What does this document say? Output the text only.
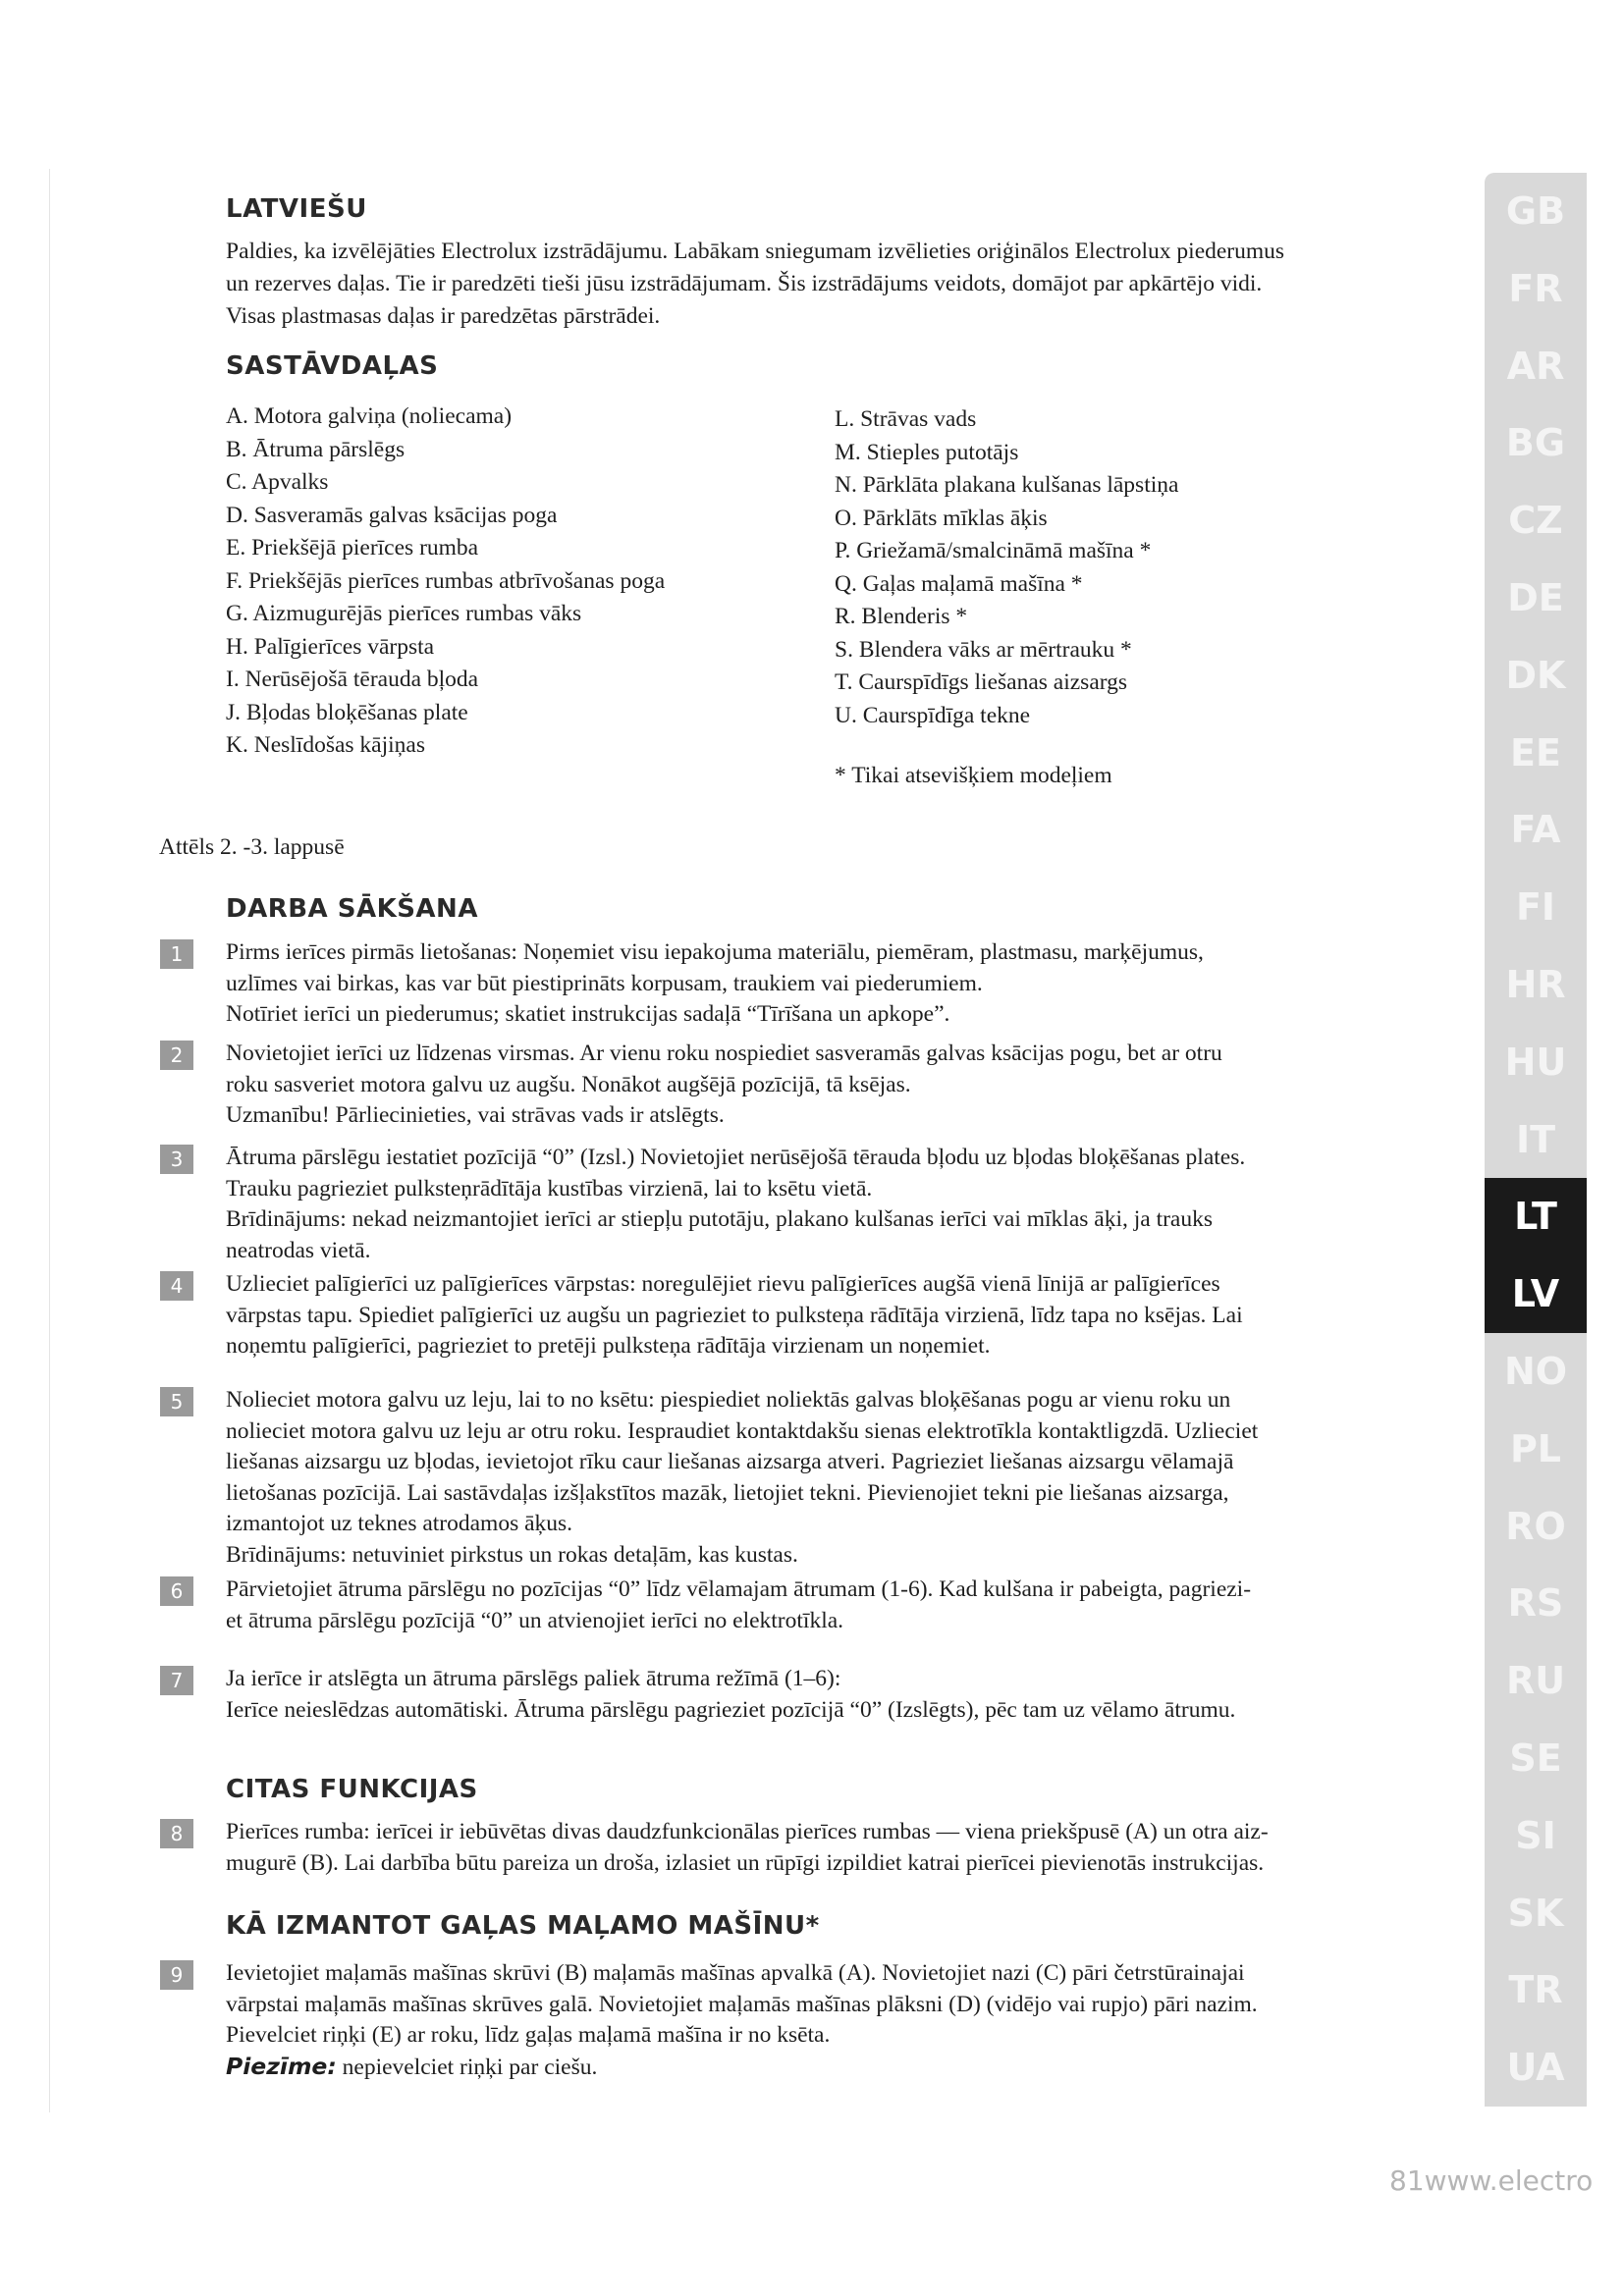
LATVIEŠU

Paldies, ka izvēlējāties Electrolux izstrādājumu. Labākam sniegumam izvēlieties oriģinālos Electrolux piederumus

un rezerves daļas. Tie ir paredzēti tieši jūsu izstrādājumam. Šis izstrādājums veidots, domājot par apkārtējo vidi.

Visas plastmasas daļas ir paredzētas pārstrādei.

SASTĀVDAĻAS
A. Motora galviņa (noliecama)
B. Ātruma pārslēgs
C. Apvalks
D. Sasveramās galvas ksācijas poga
E. Priekšējā pierīces rumba
F. Priekšējās pierīces rumbas atbrīvošanas poga
G. Aizmugurējās pierīces rumbas vāks
H. Palīgierīces vārpsta
I. Nerūsējošā tērauda bļoda
J. Bļodas bloķēšanas plate
K. Neslīdošas kājiņas
L. Strāvas vads
M. Stieples putotājs
N. Pārklāta plakana kulšanas lāpstiņa
O. Pārklāts mīklas āķis
P. Griežamā/smalcināmā mašīna *
Q. Gaļas maļamā mašīna *
R. Blenderis *
S. Blendera vāks ar mērtrauku *
T. Caurspīdīgs liešanas aizsargs
U. Caurspīdīga tekne
* Tikai atsevišķiem modeļiem
Attēls 2. -3. lappusē
DARBA SĀKŠANA
1	Pirms ierīces pirmās lietošanas: Noņemiet visu iepakojuma materiālu, piemēram, plastmasu, marķējumus,

uzlīmes vai birkas, kas var būt piestiprināts korpusam, traukiem vai piederumiem.

Notīriet ierīci un piederumus; skatiet instrukcijas sadaļā “Tīrīšana un apkope”.

2	Novietojiet ierīci uz līdzenas virsmas. Ar vienu roku nospiediet sasveramās galvas ksācijas pogu, bet ar otru

roku sasveriet motora galvu uz augšu. Nonākot augšējā pozīcijā, tā ksējas.

Uzmanību! Pārliecinieties, vai strāvas vads ir atslēgts.

3	Ātruma pārslēgu iestatiet pozīcijā “0” (Izsl.) Novietojiet nerūsējošā tērauda bļodu uz bļodas bloķēšanas plates.

Trauku pagrieziet pulksteņrādītāja kustības virzienā, lai to ksētu vietā.

Brīdinājums: nekad neizmantojiet ierīci ar stiepļu putotāju, plakano kulšanas ierīci vai mīklas āķi, ja trauks

neatrodas vietā.

4	Uzlieciet palīgierīci uz palīgierīces vārpstas: noregulējiet rievu palīgierīces augšā vienā līnijā ar palīgierīces

vārpstas tapu. Spiediet palīgierīci uz augšu un pagrieziet to pulksteņa rādītāja virzienā, līdz tapa no ksējas. Lai

noņemtu palīgierīci, pagrieziet to pretēji pulksteņa rādītāja virzienam un noņemiet.

5	Nolieciet motora galvu uz leju, lai to no ksētu: piespiediet noliektās galvas bloķēšanas pogu ar vienu roku un

nolieciet motora galvu uz leju ar otru roku. Iespraudiet kontaktdakšu sienas elektrotīkla kontaktligzdā. Uzlieciet

liešanas aizsargu uz bļodas, ievietojot rīku caur liešanas aizsarga atveri. Pagrieziet liešanas aizsargu vēlamajā

lietošanas pozīcijā. Lai sastāvdaļas izšļakstītos mazāk, lietojiet tekni. Pievienojiet tekni pie liešanas aizsarga,

izmantojot uz teknes atrodamos āķus.

Brīdinājums: netuviniet pirkstus un rokas detaļām, kas kustas.

6	Pārvietojiet ātruma pārslēgu no pozīcijas “0” līdz vēlamajam ātrumam (1-6). Kad kulšana ir pabeigta, pagriezi-

et ātruma pārslēgu pozīcijā “0” un atvienojiet ierīci no elektrotīkla.

7	Ja ierīce ir atslēgta un ātruma pārslēgs paliek ātruma režīmā (1–6):

Ierīce neieslēdzas automātiski. Ātruma pārslēgu pagrieziet pozīcijā “0” (Izslēgts), pēc tam uz vēlamo ātrumu.

CITAS FUNKCIJAS
8	Pierīces rumba: ierīcei ir iebūvētas divas daudzfunkcionālas pierīces rumbas — viena priekšpusē (A) un otra aiz-

mugurē (B). Lai darbība būtu pareiza un droša, izlasiet un rūpīgi izpildiet katrai pierīcei pievienotās instrukcijas.

KĀ IZMANTOT GAĻAS MAĻAMO MAŠĪNU*
9	Ievietojiet maļamās mašīnas skrūvi (B) maļamās mašīnas apvalkā (A). Novietojiet nazi (C) pāri četrstūrainajai

vārpstai maļamās mašīnas skrūves galā. Novietojiet maļamās mašīnas plāksni (D) (vidējo vai rupjo) pāri nazim.

Pievelciet riņķi (E) ar roku, līdz gaļas maļamā mašīna ir no ksēta.

Piezīme: nepievelciet riņķi par ciešu.

GB
FR
AR
BG
CZ
DE
DK
EE
FA
FI
HR
HU
IT
LT
LV
NO
PL
RO
RS
RU
SE
SI
SK
TR
UA
81www.electro
